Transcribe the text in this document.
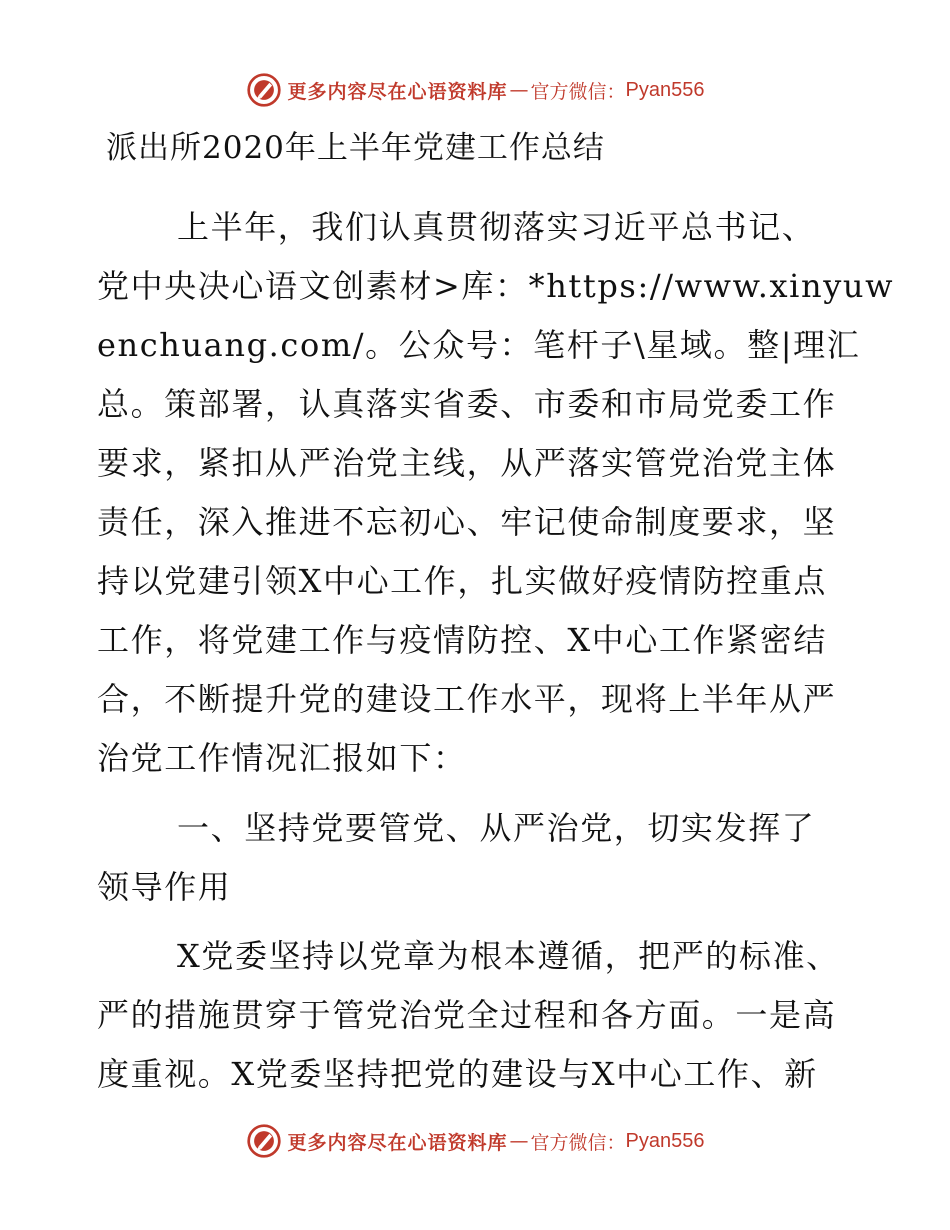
更多内容尽在心语资料库 — 官方微信： Pyan556
派出所2020年上半年党建工作总结
上半年，我们认真贯彻落实习近平总书记、
党中央决心语文创素材>库：*https://www.xinyuw
enchuang.com/。公众号：笔杆子\星域。整|理汇
总。策部署，认真落实省委、市委和市局党委工作
要求，紧扣从严治党主线，从严落实管党治党主体
责任，深入推进不忘初心、牢记使命制度要求，坚
持以党建引领X中心工作，扎实做好疫情防控重点
工作，将党建工作与疫情防控、X中心工作紧密结
合，不断提升党的建设工作水平，现将上半年从严
治党工作情况汇报如下：
一、坚持党要管党、从严治党，切实发挥了
领导作用
X党委坚持以党章为根本遵循，把严的标准、
严的措施贯穿于管党治党全过程和各方面。一是高
度重视。X党委坚持把党的建设与X中心工作、新
更多内容尽在心语资料库 — 官方微信： Pyan556
